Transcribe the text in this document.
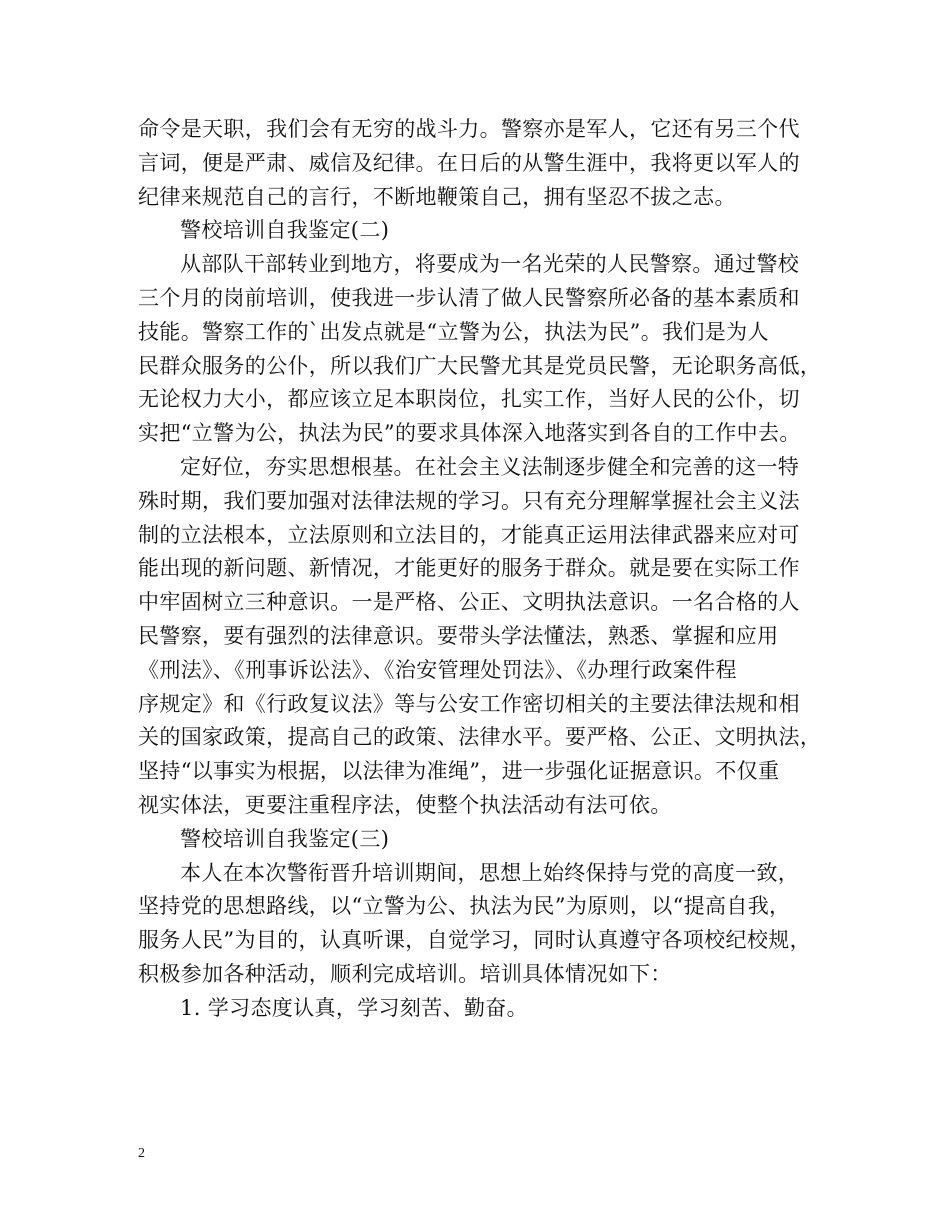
命令是天职，我们会有无穷的战斗力。警察亦是军人，它还有另三个代
言词，便是严肃、威信及纪律。在日后的从警生涯中，我将更以军人的
纪律来规范自己的言行，不断地鞭策自己，拥有坚忍不拔之志。
警校培训自我鉴定(二)
从部队干部转业到地方，将要成为一名光荣的人民警察。通过警校
三个月的岗前培训，使我进一步认清了做人民警察所必备的基本素质和
技能。警察工作的`出发点就是“立警为公，执法为民”。我们是为人
民群众服务的公仆，所以我们广大民警尤其是党员民警，无论职务高低，
无论权力大小，都应该立足本职岗位，扎实工作，当好人民的公仆，切
实把“立警为公，执法为民”的要求具体深入地落实到各自的工作中去。
定好位，夯实思想根基。在社会主义法制逐步健全和完善的这一特
殊时期，我们要加强对法律法规的学习。只有充分理解掌握社会主义法
制的立法根本，立法原则和立法目的，才能真正运用法律武器来应对可
能出现的新问题、新情况，才能更好的服务于群众。就是要在实际工作
中牢固树立三种意识。一是严格、公正、文明执法意识。一名合格的人
民警察，要有强烈的法律意识。要带头学法懂法，熟悉、掌握和应用
《刑法》、《刑事诉讼法》、《治安管理处罚法》、《办理行政案件程
序规定》和《行政复议法》等与公安工作密切相关的主要法律法规和相
关的国家政策，提高自己的政策、法律水平。要严格、公正、文明执法，
坚持“以事实为根据，以法律为准绳”，进一步强化证据意识。不仅重
视实体法，更要注重程序法，使整个执法活动有法可依。
警校培训自我鉴定(三)
本人在本次警衔晋升培训期间，思想上始终保持与党的高度一致，
坚持党的思想路线，以“立警为公、执法为民”为原则，以“提高自我，
服务人民”为目的，认真听课，自觉学习，同时认真遵守各项校纪校规，
积极参加各种活动，顺利完成培训。培训具体情况如下：
1. 学习态度认真，学习刻苦、勤奋。
2
